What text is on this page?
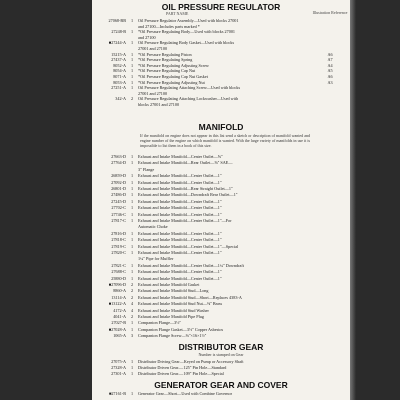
OIL PRESSURE REGULATOR
PART NAME	Illustration Reference
27068-BB	1	Oil Pressure Regulator Assembly—Used with blocks 27001
and 27100—Includes parts marked *
27248-B	1	*Oil Pressure Regulating Body—Used with blocks 27001
and 27100
■27244-A	1	Oil Pressure Regulating Body Gasket—Used with blocks
27001 and 27100
15215-A	1	*Oil Pressure Regulating Piston	A6
27437-A	1	*Oil Pressure Regulating Spring	A7
8052-A	1	*Oil Pressure Regulating Adjusting Screw	A4
8054-A	1	*Oil Pressure Regulating Cap Nut	A5
8071-A	1	*Oil Pressure Regulating Cap Nut Gasket	A6
8053-A	1	*Oil Pressure Regulating Adjusting Nut	A3
27251-A	1	Oil Pressure Regulating Attaching Screw—Used with blocks
27001 and 27100
342-A	2	Oil Pressure Regulating Attaching Lockwasher—Used with
blocks 27001 and 27100
MANIFOLD
If the manifold on engine does not appear in this list send a sketch or description of manifold wanted and engine number of the engine on which manifold is wanted. With the large variety of manifolds in use it is impossible to list them in a book of this size.
27663-D	1	Exhaust and Intake Manifold—Center Outlet—⅝"
27764-D	1	Exhaust and Intake Manifold—Rear Outlet—⅝" SAE—
3" Flange
26859-D	1	Exhaust and Intake Manifold—Center Outlet—1"
27092-D	1	Exhaust and Intake Manifold—Center Outlet—1"
26801-D	1	Exhaust and Intake Manifold—Rear Straight Outlet—1"
27486-D	1	Exhaust and Intake Manifold—Downdraft Rear Outlet—1"
27245-D	1	Exhaust and Intake Manifold—Center Outlet—1"
27702-C	1	Exhaust and Intake Manifold—Center Outlet—1"
27746-C	1	Exhaust and Intake Manifold—Center Outlet—1"
27817-C	1	Exhaust and Intake Manifold—Center Outlet—1"—For
Automatic Choke
27816-D	1	Exhaust and Intake Manifold—Center Outlet—1"
27818-C	1	Exhaust and Intake Manifold—Center Outlet—1"
27819-C	1	Exhaust and Intake Manifold—Center Outlet—1"—Special
27820-C	1	Exhaust and Intake Manifold—Center Outlet—1"
1¼" Pipe for Muffler
27821-C	1	Exhaust and Intake Manifold—Center Outlet—1¼" Downdraft
27688-C	1	Exhaust and Intake Manifold—Center Outlet—1"
25880-D	1	Exhaust and Intake Manifold—Center Outlet—1"
■27096-D	2	Exhaust and Intake Manifold Gasket
8860-A	2	Exhaust and Intake Manifold Stud—Long
13114-A	2	Exhaust and Intake Manifold Stud—Short—Replaces 4383-A
■13122-A	4	Exhaust and Intake Manifold Stud Nut—⅜" Brass
4172-A	4	Exhaust and Intake Manifold Stud Washer
4041-A	2	Exhaust and Intake Manifold Pipe Plug
27027-B	1	Companion Flange—3½"
■27028-A	1	Companion Flange Gasket—3½" Copper Asbestos
1065-A	3	Companion Flange Screw—⅜"×16×1½"
DISTRIBUTOR GEAR
Number is stamped on Gear
27075-A	1	Distributor Driving Gear—Keyed on Pump or Accessory Shaft
27328-A	1	Distributor Driven Gear—.125" Pin Hole—Standard
27301-A	1	Distributor Driven Gear—.109" Pin Hole—Special
GENERATOR GEAR AND COVER
■27161-B	1	Generator Gear—Short—Used with Combine Governor
